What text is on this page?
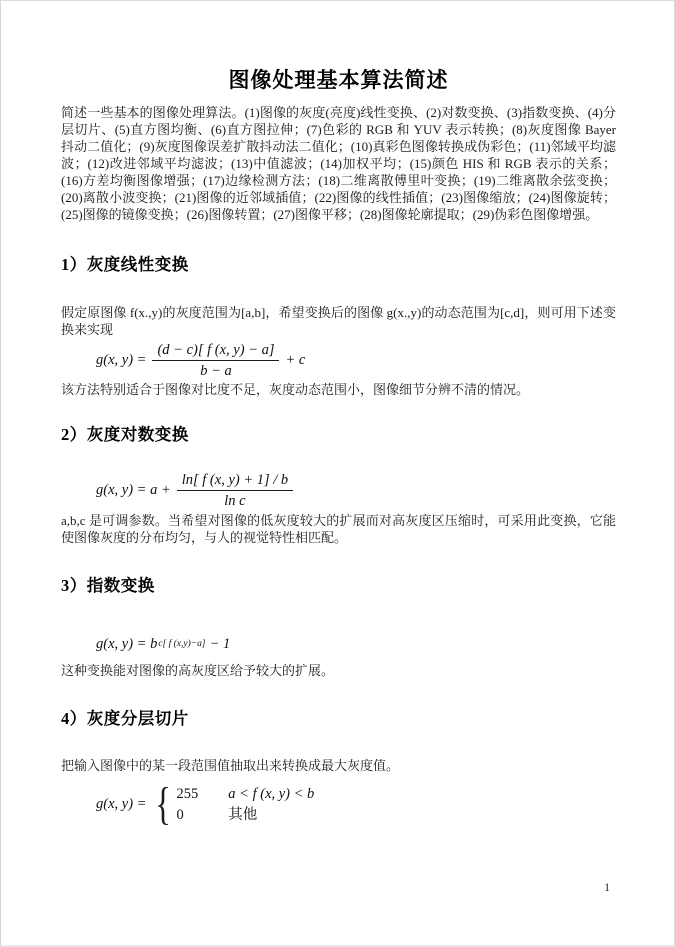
图像处理基本算法简述

简述一些基本的图像处理算法。(1)图像的灰度(亮度)线性变换、(2)对数变换、(3)指数变换、(4)分层切片、(5)直方图均衡、(6)直方图拉伸；(7)色彩的 RGB 和 YUV 表示转换；(8)灰度图像 Bayer 抖动二值化；(9)灰度图像误差扩散抖动法二值化；(10)真彩色图像转换成伪彩色；(11)邻域平均滤波；(12)改进邻域平均滤波；(13)中值滤波；(14)加权平均；(15)颜色 HIS 和 RGB 表示的关系；(16)方差均衡图像增强；(17)边缘检测方法；(18)二维离散傅里叶变换；(19)二维离散余弦变换；(20)离散小波变换；(21)图像的近邻域插值；(22)图像的线性插值；(23)图像缩放；(24)图像旋转；(25)图像的镜像变换；(26)图像转置；(27)图像平移；(28)图像轮廓提取；(29)伪彩色图像增强。

1）灰度线性变换

假定原图像 f(x.,y)的灰度范围为[a,b]，希望变换后的图像 g(x.,y)的动态范围为[c,d]，则可用下述变换来实现

g(x, $y) = \frac{(d - c)[ f (x, y) - a]}{b - a} + c$

该方法特别适合于图像对比度不足，灰度动态范围小，图像细节分辨不清的情况。

2）灰度对数变换
g(x, $y) = a + \frac{\ln[ f (x, y) + 1] / b}{\text{ln c}}$

a,b,c 是可调参数。当希望对图像的低灰度较大的扩展而对高灰度区压缩时，可采用此变换，它能使图像灰度的分布均匀，与人的视觉特性相匹配。

3）指数变换
g(x, y) = b c[ f (x,y)−a] − 1

这种变换能对图像的高灰度区给予较大的扩展。

4）灰度分层切片

把输入图像中的某一段范围值抽取出来转换成最大灰度值。

g(x, y) = { 255 a < f (x, y) < b
0	其他
1
